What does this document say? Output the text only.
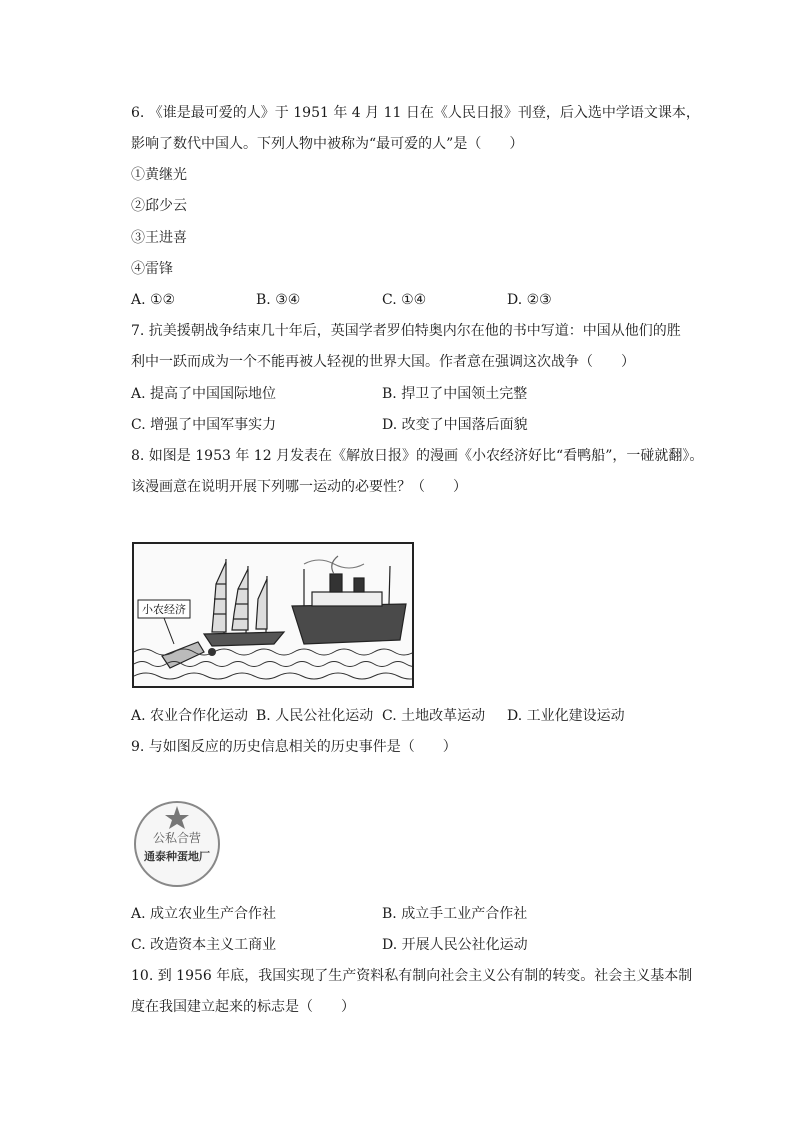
6. 《谁是最可爱的人》于 1951 年 4 月 11 日在《人民日报》刊登，后入选中学语文课本，
影响了数代中国人。下列人物中被称为“最可爱的人”是（　　）
①黄继光
②邱少云
③王进喜
④雷锋
A. ①②	B. ③④	C. ①④	D. ②③
7. 抗美援朝战争结束几十年后，英国学者罗伯特奥内尔在他的书中写道：中国从他们的胜
利中一跃而成为一个不能再被人轻视的世界大国。作者意在强调这次战争（　　）
A. 提高了中国国际地位	B. 捍卫了中国领土完整
C. 增强了中国军事实力	D. 改变了中国落后面貌
8. 如图是 1953 年 12 月发表在《解放日报》的漫画《小农经济好比“看鸭船”，一碰就翻》。
该漫画意在说明开展下列哪一运动的必要性？（　　）
小农经济
A. 农业合作化运动 B. 人民公社化运动 C. 土地改革运动 D. 工业化建设运动
9. 与如图反应的历史信息相关的历史事件是（　　）
公私合营
通泰种蛋地厂
A. 成立农业生产合作社	B. 成立手工业产合作社
C. 改造资本主义工商业	D. 开展人民公社化运动
10. 到 1956 年底，我国实现了生产资料私有制向社会主义公有制的转变。社会主义基本制
度在我国建立起来的标志是（　　）
